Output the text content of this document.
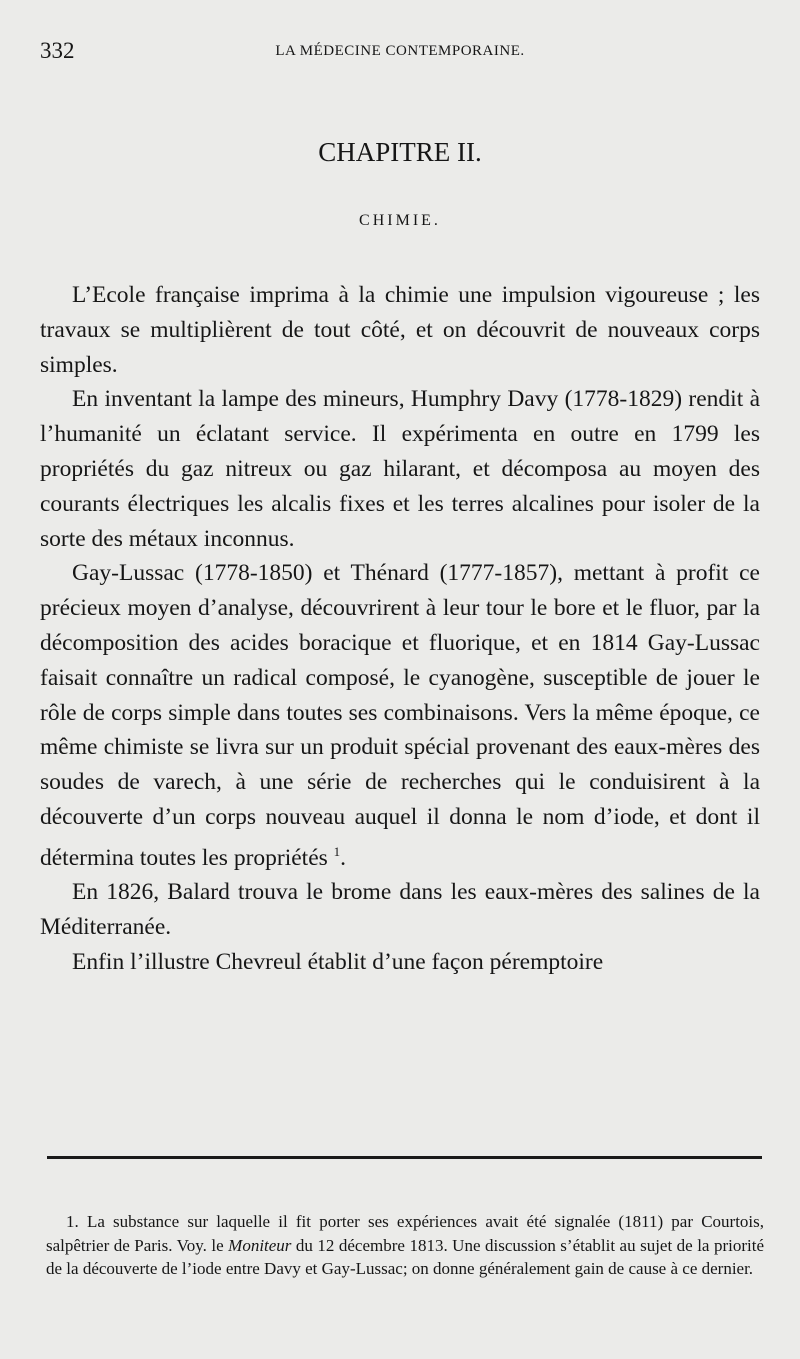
332	LA MÉDECINE CONTEMPORAINE.
CHAPITRE II.
CHIMIE.

L’Ecole française imprima à la chimie une impulsion vigoureuse ; les travaux se multiplièrent de tout côté, et on découvrit de nouveaux corps simples.

En inventant la lampe des mineurs, Humphry Davy (1778-1829) rendit à l’humanité un éclatant service. Il expérimenta en outre en 1799 les propriétés du gaz nitreux ou gaz hilarant, et décomposa au moyen des courants électriques les alcalis fixes et les terres alcalines pour isoler de la sorte des métaux inconnus.

Gay-Lussac (1778-1850) et Thénard (1777-1857), mettant à profit ce précieux moyen d’analyse, découvrirent à leur tour le bore et le fluor, par la décomposition des acides boracique et fluorique, et en 1814 Gay-Lussac faisait connaître un radical composé, le cyanogène, susceptible de jouer le rôle de corps simple dans toutes ses combinaisons. Vers la même époque, ce même chimiste se livra sur un produit spécial provenant des eaux-mères des soudes de varech, à une série de recherches qui le conduisirent à la découverte d’un corps nouveau auquel il donna le nom d’iode, et dont il détermina toutes les propriétés $^1$.

En 1826, Balard trouva le brome dans les eaux-mères des salines de la Méditerranée.

Enfin l’illustre Chevreul établit d’une façon péremptoire

1. La substance sur laquelle il fit porter ses expériences avait été signalée (1811) par Courtois, salpêtrier de Paris. Voy. le Moniteur du 12 décembre 1813. Une discussion s’établit au sujet de la priorité de la découverte de l’iode entre Davy et Gay-Lussac; on donne généralement gain de cause à ce dernier.
